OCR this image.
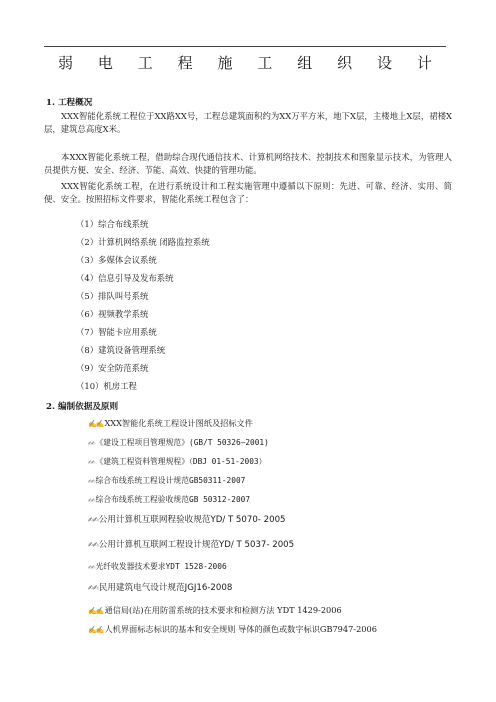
弱 电 工 程 施 工 组 织 设 计
1. 工程概况
XXX智能化系统工程位于XX路XX号，工程总建筑面积约为XX万平方米，地下X层，主楼地上X层，裙楼X层，建筑总高度X米。
本XXX智能化系统工程，借助综合现代通信技术、计算机网络技术、控制技术和图象显示技术，为管理人员提供方便、安全、经济、节能、高效、快捷的管理功能。
XXX智能化系统工程，在进行系统设计和工程实施管理中遵循以下原则：先进、可靠、经济、实用、简便、安全。按照招标文件要求，智能化系统工程包含了：
（1）综合布线系统
（2）计算机网络系统 闭路监控系统
（3）多媒体会议系统
（4）信息引导及发布系统
（5）排队叫号系统
（6）视频教学系统
（7）智能卡应用系统
（8）建筑设备管理系统
（9）安全防范系统
（10）机房工程
2. 编制依据及原则
✍✍XXX智能化系统工程设计图纸及招标文件
✍✍《建设工程项目管理规范》(GB/T 50326—2001)
✍✍《建筑工程资料管理规程》（DBJ 01-51-2003）
✍✍综合布线系统工程设计规范GB50311-2007
✍✍综合布线系统工程验收规范GB 50312-2007
✍✍公用计算机互联网程验收规范YD/ T 5070- 2005
✍✍公用计算机互联网工程设计规范YD/ T 5037- 2005
✍✍光纤收发器技术要求YDT 1528-2006
✍✍民用建筑电气设计规范JGJ16-2008
✍✍通信局(站)在用防雷系统的技术要求和检测方法 YDT 1429-2006
✍✍人机界面标志标识的基本和安全规则 导体的颜色或数字标识GB7947-2006
